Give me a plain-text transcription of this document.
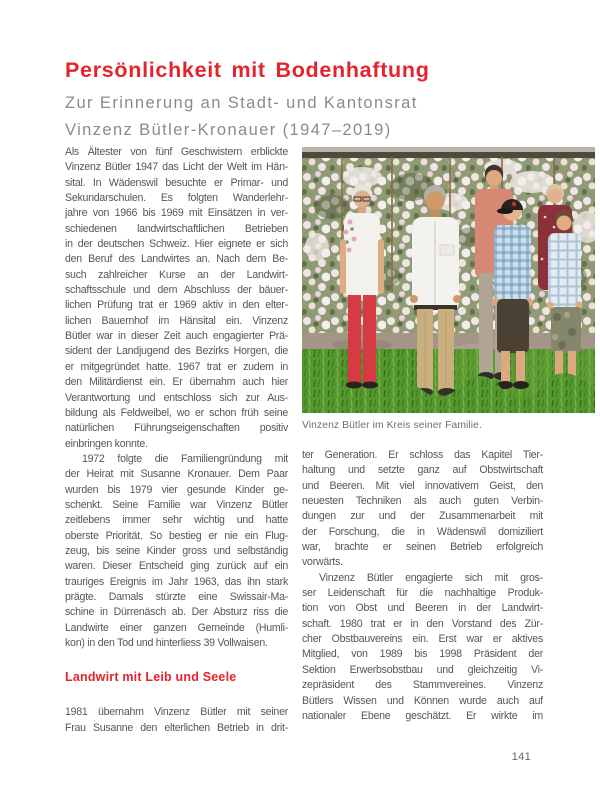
Persönlichkeit mit Bodenhaftung
Zur Erinnerung an Stadt- und Kantonsrat
Vinzenz Bütler-Kronauer (1947–2019)
Als Ältester von fünf Geschwistern erblickte
Vinzenz Bütler 1947 das Licht der Welt im Hän-
sital. In Wädenswil besuchte er Primar- und
Sekundarschulen. Es folgten Wanderlehr-
jahre von 1966 bis 1969 mit Einsätzen in ver-
schiedenen landwirtschaftlichen Betrieben
in der deutschen Schweiz. Hier eignete er sich
den Beruf des Landwirtes an. Nach dem Be-
such zahlreicher Kurse an der Landwirt-
schaftsschule und dem Abschluss der bäuer-
lichen Prüfung trat er 1969 aktiv in den elter-
lichen Bauernhof im Hänsital ein. Vinzenz
Bütler war in dieser Zeit auch engagierter Prä-
sident der Landjugend des Bezirks Horgen, die
er mitgegründet hatte. 1967 trat er zudem in
den Militärdienst ein. Er übernahm auch hier
Verantwortung und entschloss sich zur Aus-
bildung als Feldweibel, wo er schon früh seine
natürlichen Führungseigenschaften positiv
einbringen konnte.
1972 folgte die Familiengründung mit
der Heirat mit Susanne Kronauer. Dem Paar
wurden bis 1979 vier gesunde Kinder ge-
schenkt. Seine Familie war Vinzenz Bütler
zeitlebens immer sehr wichtig und hatte
oberste Priorität. So bestieg er nie ein Flug-
zeug, bis seine Kinder gross und selbständig
waren. Dieser Entscheid ging zurück auf ein
trauriges Ereignis im Jahr 1963, das ihn stark
prägte. Damals stürzte eine Swissair-Ma-
schine in Dürrenäsch ab. Der Absturz riss die
Landwirte einer ganzen Gemeinde (Humli-
kon) in den Tod und hinterliess 39 Vollwaisen.
Landwirt mit Leib und Seele
1981 übernahm Vinzenz Bütler mit seiner
Frau Susanne den elterlichen Betrieb in drit-
Vinzenz Bütler im Kreis seiner Familie.
ter Generation. Er schloss das Kapitel Tier-
haltung und setzte ganz auf Obstwirtschaft
und Beeren. Mit viel innovativem Geist, den
neuesten Techniken als auch guten Verbin-
dungen zur und der Zusammenarbeit mit
der Forschung, die in Wädenswil domiziliert
war, brachte er seinen Betrieb erfolgreich
vorwärts.
Vinzenz Bütler engagierte sich mit gros-
ser Leidenschaft für die nachhaltige Produk-
tion von Obst und Beeren in der Landwirt-
schaft. 1980 trat er in den Vorstand des Zür-
cher Obstbauvereins ein. Erst war er aktives
Mitglied, von 1989 bis 1998 Präsident der
Sektion Erwerbsobstbau und gleichzeitig Vi-
zepräsident des Stammvereines. Vinzenz
Bütlers Wissen und Können wurde auch auf
nationaler Ebene geschätzt. Er wirkte im
141
